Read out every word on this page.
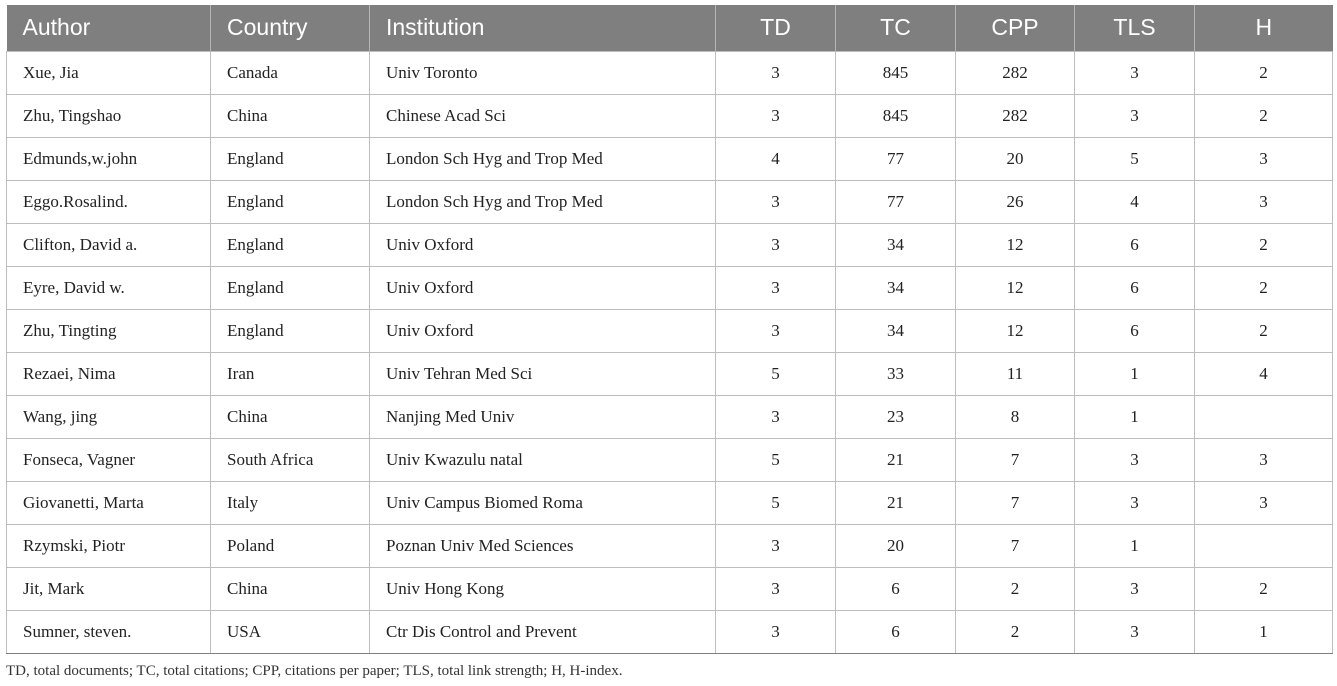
Author	Country	Institution	TD	TC	CPP	TLS	H
Xue, Jia	Canada	Univ Toronto	3	845	282	3	2
Zhu, Tingshao	China	Chinese Acad Sci	3	845	282	3	2
Edmunds,w.john	England	London Sch Hyg and Trop Med	4	77	20	5	3
Eggo.Rosalind.	England	London Sch Hyg and Trop Med	3	77	26	4	3
Clifton, David a.	England	Univ Oxford	3	34	12	6	2
Eyre, David w.	England	Univ Oxford	3	34	12	6	2
Zhu, Tingting	England	Univ Oxford	3	34	12	6	2
Rezaei, Nima	Iran	Univ Tehran Med Sci	5	33	11	1	4
Wang, jing	China	Nanjing Med Univ	3	23	8	1	
Fonseca, Vagner	South Africa	Univ Kwazulu natal	5	21	7	3	3
Giovanetti, Marta	Italy	Univ Campus Biomed Roma	5	21	7	3	3
Rzymski, Piotr	Poland	Poznan Univ Med Sciences	3	20	7	1	
Jit, Mark	China	Univ Hong Kong	3	6	2	3	2
Sumner, steven.	USA	Ctr Dis Control and Prevent	3	6	2	3	1
TD, total documents; TC, total citations; CPP, citations per paper; TLS, total link strength; H, H-index.
